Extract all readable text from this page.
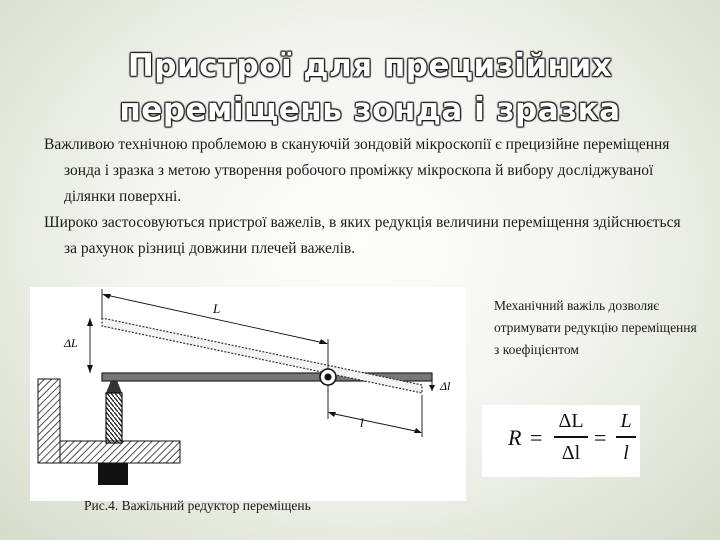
Пристрої для прецизійних
переміщень зонда і зразка

Важливою технічною проблемою в скануючій зондовій мікроскопії є прецизійне переміщення зонда і зразка з метою утворення робочого проміжку мікроскопа й вибору досліджуваної ділянки поверхні.

Широко застосовуються пристрої важелів, в яких редукція величини переміщення здійснюється за рахунок різниці довжини плечей важелів.

L
l
ΔL
Δl
Рис.4. Важільний редуктор переміщень
Механічний важіль дозволяє отримувати редукцію переміщення з коефіцієнтом
R =
ΔL
Δl
=
L
l
